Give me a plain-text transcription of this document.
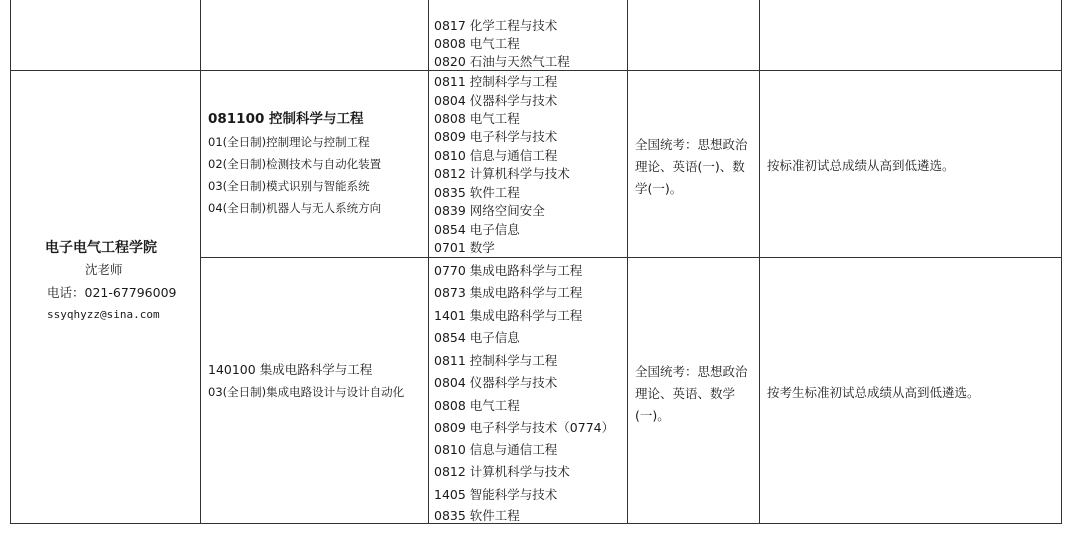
0817 化学工程与技术
0808 电气工程
0820 石油与天然气工程
电子电气工程学院
沈老师
电话：021-67796009
ssyqhyzz@sina.com
081100 控制科学与工程
01(全日制)控制理论与控制工程
02(全日制)检测技术与自动化装置
03(全日制)模式识别与智能系统
04(全日制)机器人与无人系统方向
0811 控制科学与工程
0804 仪器科学与技术
0808 电气工程
0809 电子科学与技术
0810 信息与通信工程
0812 计算机科学与技术
0835 软件工程
0839 网络空间安全
0854 电子信息
0701 数学
全国统考：思想政治理论、英语(一)、数学(一)。
按标准初试总成绩从高到低遴选。
140100 集成电路科学与工程
03(全日制)集成电路设计与设计自动化
0770 集成电路科学与工程
0873 集成电路科学与工程
1401 集成电路科学与工程
0854 电子信息
0811 控制科学与工程
0804 仪器科学与技术
0808 电气工程
0809 电子科学与技术（0774）
0810 信息与通信工程
0812 计算机科学与技术
1405 智能科学与技术
0835 软件工程
全国统考：思想政治理论、英语、数学(一)。
按考生标准初试总成绩从高到低遴选。
